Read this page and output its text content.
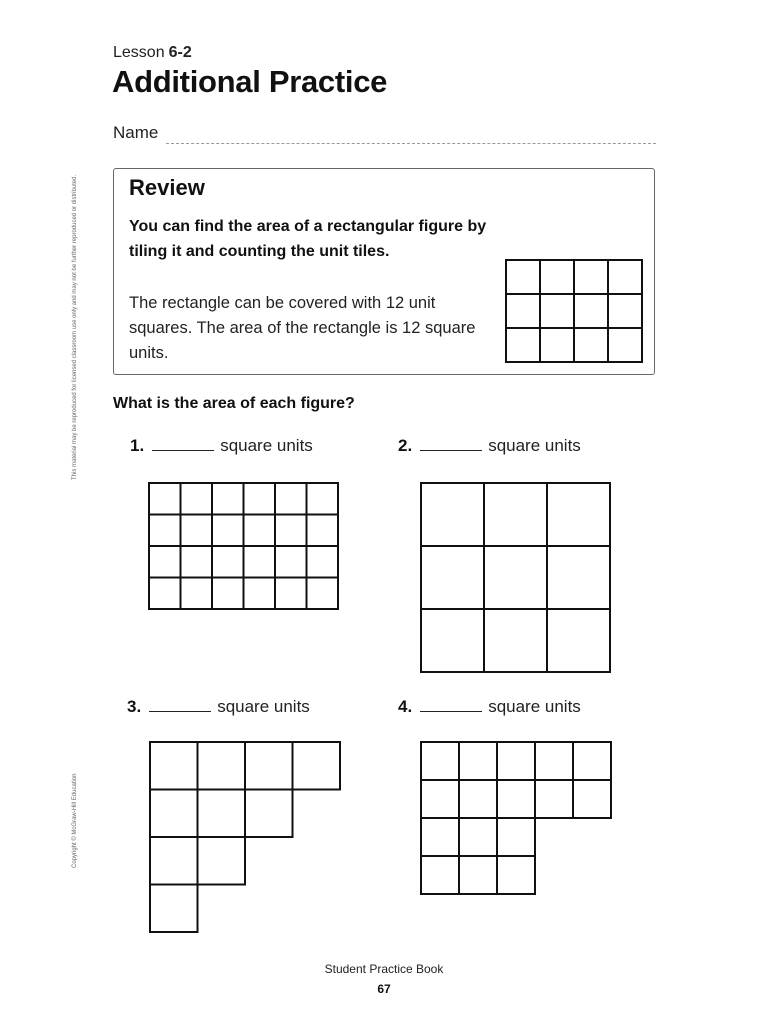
Lesson 6-2
Additional Practice
Name
This material may be reproduced for licensed classroom use only and may not be further reproduced or distributed.
Copyright © McGraw-Hill Education
Review
You can find the area of a rectangular figure by tiling it and counting the unit tiles.
The rectangle can be covered with 12 unit squares. The area of the rectangle is 12 square units.
What is the area of each figure?
1.	square units	2.	square units
3.	square units	4.	square units
Student Practice Book
67
